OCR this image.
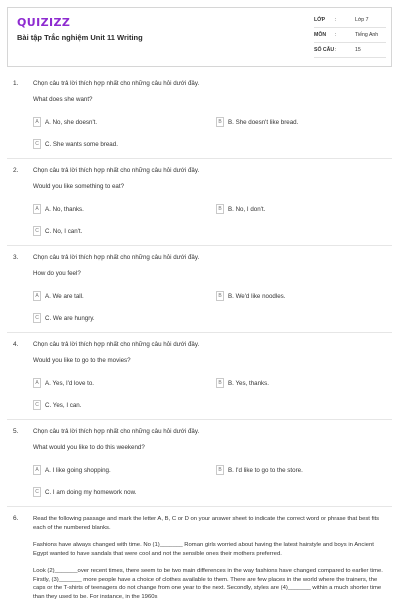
QUIZIZZ
Bài tập Trắc nghiệm Unit 11 Writing
LỚP :	Lớp 7
MÔN :	Tiếng Anh
SỐ CÂU :	15
1. Chọn câu trả lời thích hợp nhất cho những câu hỏi dưới đây.
What does she want?
A	A. No, she doesn't.	B	B. She doesn't like bread.
C C. She wants some bread.
2. Chọn câu trả lời thích hợp nhất cho những câu hỏi dưới đây.
Would you like something to eat?
A	A. No, thanks.	B	B. No, I don't.
C C. No, I can't.
3. Chọn câu trả lời thích hợp nhất cho những câu hỏi dưới đây.
How do you feel?
A	A. We are tall.	B	B. We'd like noodles.
C C. We are hungry.
4. Chọn câu trả lời thích hợp nhất cho những câu hỏi dưới đây.
Would you like to go to the movies?
A	A. Yes, I'd love to.	B	B. Yes, thanks.
C C. Yes, I can.
5. Chọn câu trả lời thích hợp nhất cho những câu hỏi dưới đây.
What would you like to do this weekend?
A	A. I like going shopping.	B	B. I'd like to go to the store.
C C. I am doing my homework now.
6. Read the following passage and mark the letter A, B, C or D on your answer sheet to indicate the correct word or phrase that best fits each of the numbered blanks.
Fashions have always changed with time. No (1)_______ Roman girls worried about having the latest hairstyle and boys in Ancient Egypt wanted to have sandals that were cool and not the sensible ones their mothers preferred.
Look (2)_______over recent times, there seem to be two main differences in the way fashions have changed compared to earlier time. Firstly, (3)_______ more people have a choice of clothes available to them. There are few places in the world where the trainers, the caps or the T-shirts of teenagers do not change from one year to the next. Secondly, styles are (4)_______ within a much shorter time than they used to be. For instance, in the 1960s
